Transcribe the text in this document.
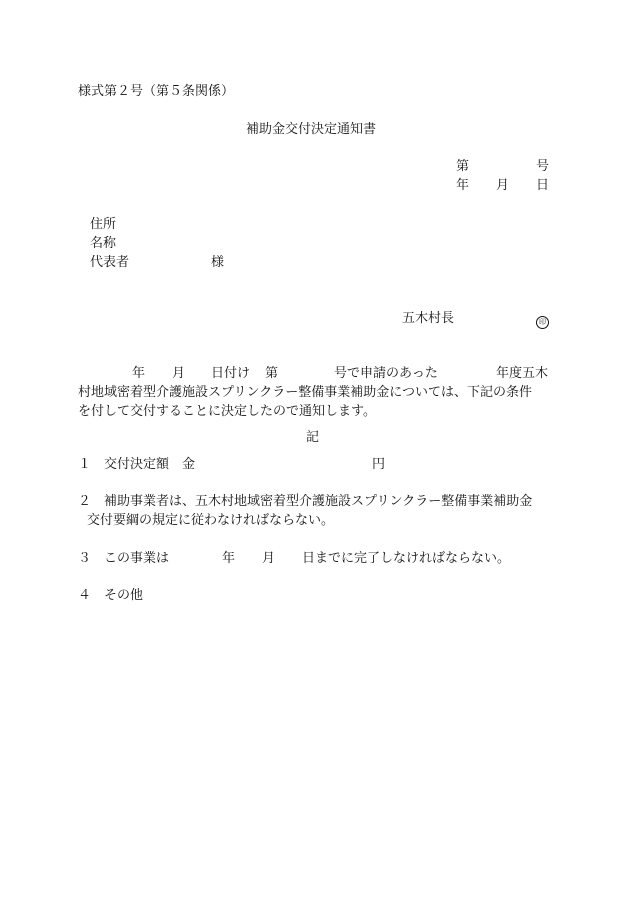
様式第２号（第５条関係）
補助金交付決定通知書
第	号
年 月 日
住所
名称
代表者	様
五木村長	印
年 月 日付け 第	号で申請のあった	年度五木
村地域密着型介護施設スプリンクラー整備事業補助金については、下記の条件
を付して交付することに決定したので通知します。
記
１　交付決定額　金	円
２　補助事業者は、五木村地域密着型介護施設スプリンクラー整備事業補助金
交付要綱の規定に従わなければならない。
３　この事業は	年 月 日までに完了しなければならない。
４　その他
